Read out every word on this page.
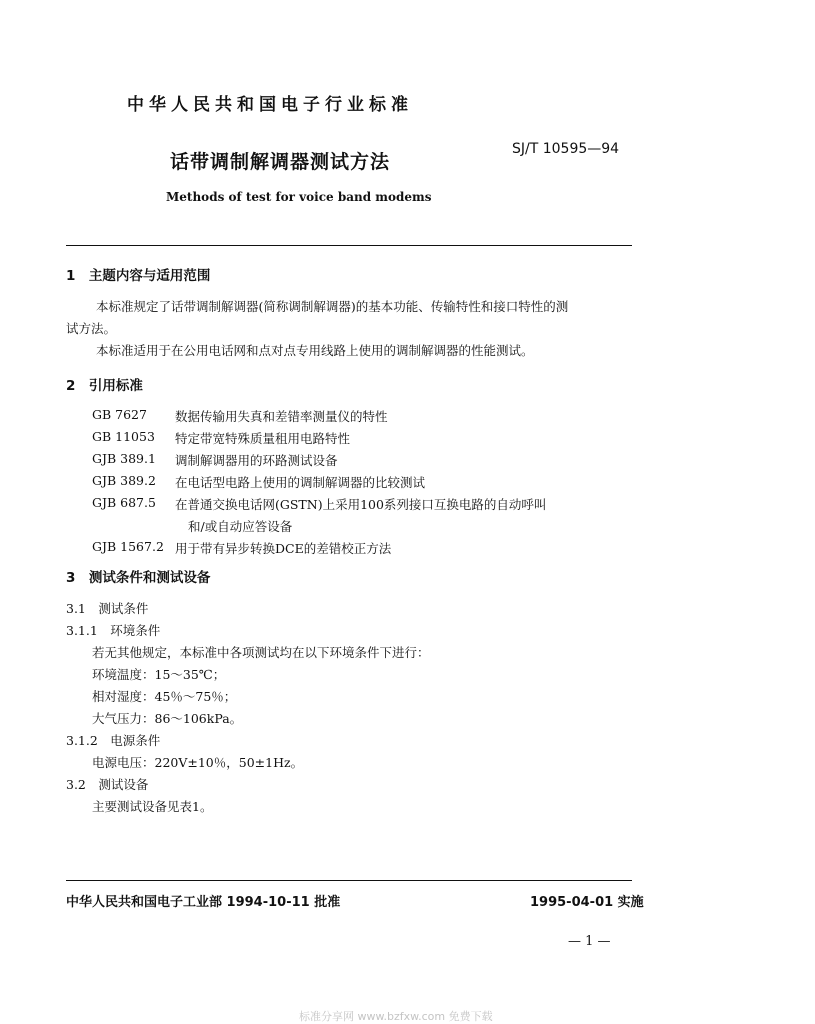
中华人民共和国电子行业标准
话带调制解调器测试方法
SJ/T 10595—94
Methods of test for voice band modems
1　主题内容与适用范围
本标准规定了话带调制解调器(简称调制解调器)的基本功能、传输特性和接口特性的测
试方法。
本标准适用于在公用电话网和点对点专用线路上使用的调制解调器的性能测试。
2　引用标准
GB 7627 数据传输用失真和差错率测量仪的特性
GB 11053 特定带宽特殊质量租用电路特性
GJB 389.1 调制解调器用的环路测试设备
GJB 389.2 在电话型电路上使用的调制解调器的比较测试
GJB 687.5 在普通交换电话网(GSTN)上采用100系列接口互换电路的自动呼叫
和/或自动应答设备
GJB 1567.2 用于带有异步转换DCE的差错校正方法
3　测试条件和测试设备
3.1　测试条件
3.1.1　环境条件
若无其他规定，本标准中各项测试均在以下环境条件下进行：
环境温度：15～35℃；
相对湿度：45％～75％；
大气压力：86～106kPa。
3.1.2　电源条件
电源电压：220V±10％，50±1Hz。
3.2　测试设备
主要测试设备见表1。
中华人民共和国电子工业部 1994-10-11 批准	1995-04-01 实施
— 1 —
标准分享网 www.bzfxw.com 免费下载
